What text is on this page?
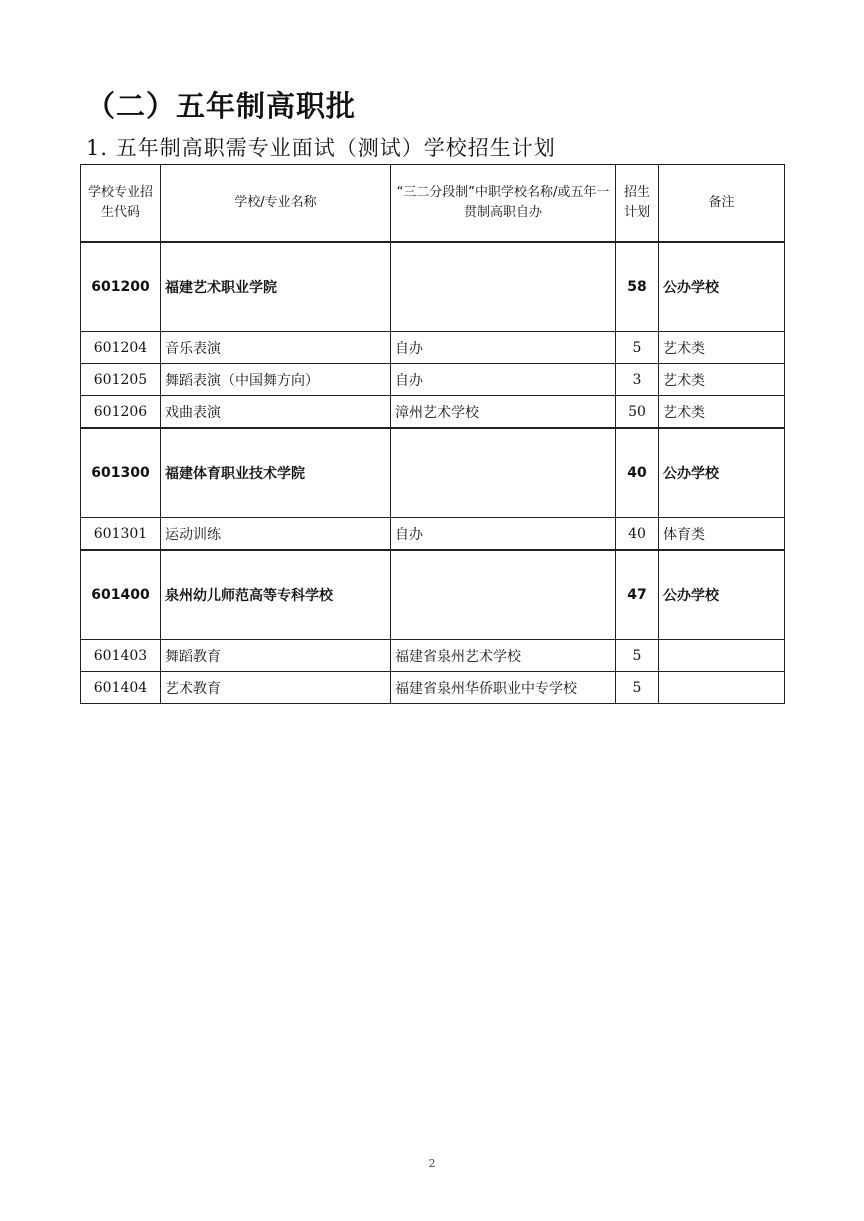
（二）五年制高职批
1. 五年制高职需专业面试（测试）学校招生计划
学校专业招生代码	学校/专业名称	“三二分段制”中职学校名称/或五年一贯制高职自办	招生计划	备注
601200	福建艺术职业学院		58	公办学校
601204	音乐表演	自办	5	艺术类
601205	舞蹈表演（中国舞方向）	自办	3	艺术类
601206	戏曲表演	漳州艺术学校	50	艺术类
601300	福建体育职业技术学院		40	公办学校
601301	运动训练	自办	40	体育类
601400	泉州幼儿师范高等专科学校		47	公办学校
601403	舞蹈教育	福建省泉州艺术学校	5	
601404	艺术教育	福建省泉州华侨职业中专学校	5	
2
